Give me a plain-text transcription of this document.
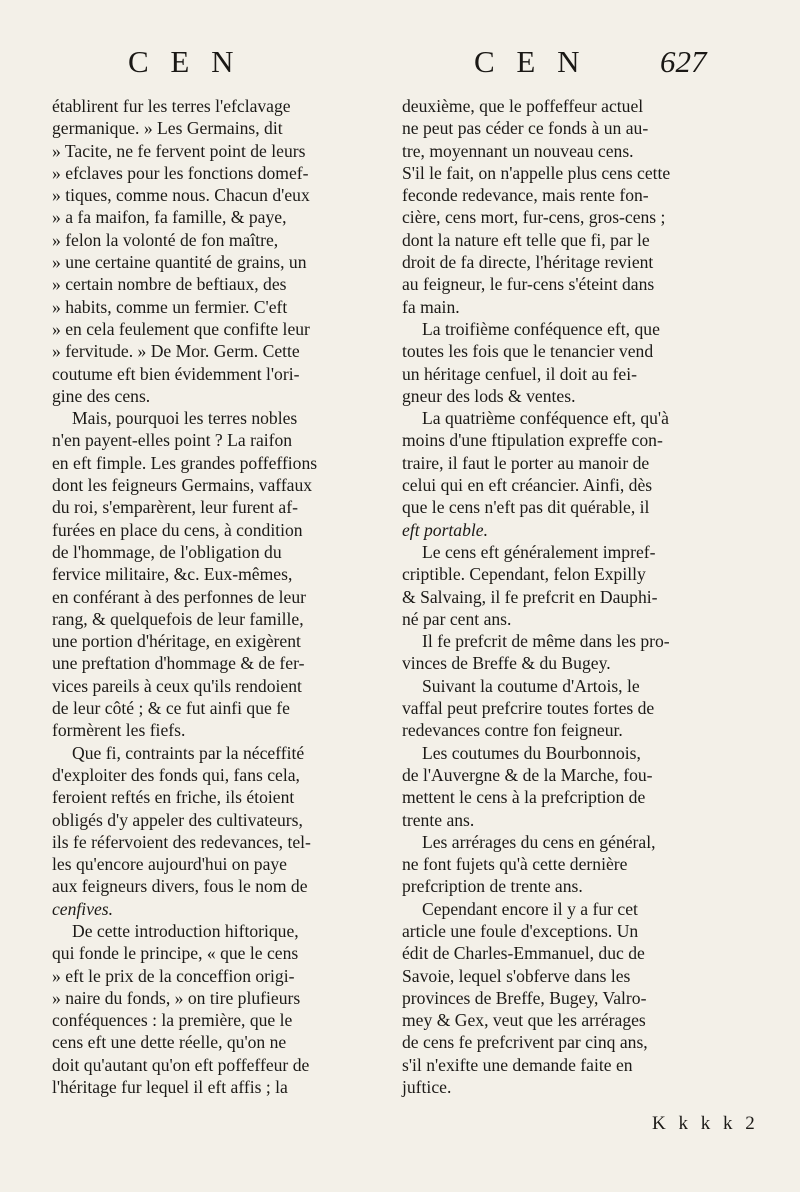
C E N	C E N 627
établirent fur les terres l'efclavage
germanique. » Les Germains, dit
» Tacite, ne fe fervent point de leurs
» efclaves pour les fonctions domef-
» tiques, comme nous. Chacun d'eux
» a fa maifon, fa famille, & paye,
» felon la volonté de fon maître,
» une certaine quantité de grains, un
» certain nombre de beftiaux, des
» habits, comme un fermier. C'eft
» en cela feulement que confifte leur
» fervitude. » De Mor. Germ. Cette
coutume eft bien évidemment l'ori-
gine des cens.
Mais, pourquoi les terres nobles
n'en payent-elles point ? La raifon
en eft fimple. Les grandes poffeffions
dont les feigneurs Germains, vaffaux
du roi, s'emparèrent, leur furent af-
furées en place du cens, à condition
de l'hommage, de l'obligation du
fervice militaire, &c. Eux-mêmes,
en conférant à des perfonnes de leur
rang, & quelquefois de leur famille,
une portion d'héritage, en exigèrent
une preftation d'hommage & de fer-
vices pareils à ceux qu'ils rendoient
de leur côté ; & ce fut ainfi que fe
formèrent les fiefs.
Que fi, contraints par la néceffité
d'exploiter des fonds qui, fans cela,
feroient reftés en friche, ils étoient
obligés d'y appeler des cultivateurs,
ils fe réfervoient des redevances, tel-
les qu'encore aujourd'hui on paye
aux feigneurs divers, fous le nom de
cenfives.
De cette introduction hiftorique,
qui fonde le principe, « que le cens
» eft le prix de la conceffion origi-
» naire du fonds, » on tire plufieurs
conféquences : la première, que le
cens eft une dette réelle, qu'on ne
doit qu'autant qu'on eft poffeffeur de
l'héritage fur lequel il eft affis ; la
deuxième, que le poffeffeur actuel
ne peut pas céder ce fonds à un au-
tre, moyennant un nouveau cens.
S'il le fait, on n'appelle plus cens cette
feconde redevance, mais rente fon-
cière, cens mort, fur-cens, gros-cens ;
dont la nature eft telle que fi, par le
droit de fa directe, l'héritage revient
au feigneur, le fur-cens s'éteint dans
fa main.
La troifième conféquence eft, que
toutes les fois que le tenancier vend
un héritage cenfuel, il doit au fei-
gneur des lods & ventes.
La quatrième conféquence eft, qu'à
moins d'une ftipulation expreffe con-
traire, il faut le porter au manoir de
celui qui en eft créancier. Ainfi, dès
que le cens n'eft pas dit quérable, il
eft portable.
Le cens eft généralement impref-
criptible. Cependant, felon Expilly
& Salvaing, il fe prefcrit en Dauphi-
né par cent ans.
Il fe prefcrit de même dans les pro-
vinces de Breffe & du Bugey.
Suivant la coutume d'Artois, le
vaffal peut prefcrire toutes fortes de
redevances contre fon feigneur.
Les coutumes du Bourbonnois,
de l'Auvergne & de la Marche, fou-
mettent le cens à la prefcription de
trente ans.
Les arrérages du cens en général,
ne font fujets qu'à cette dernière
prefcription de trente ans.
Cependant encore il y a fur cet
article une foule d'exceptions. Un
édit de Charles-Emmanuel, duc de
Savoie, lequel s'obferve dans les
provinces de Breffe, Bugey, Valro-
mey & Gex, veut que les arrérages
de cens fe prefcrivent par cinq ans,
s'il n'exifte une demande faite en
juftice.
K k k k 2
